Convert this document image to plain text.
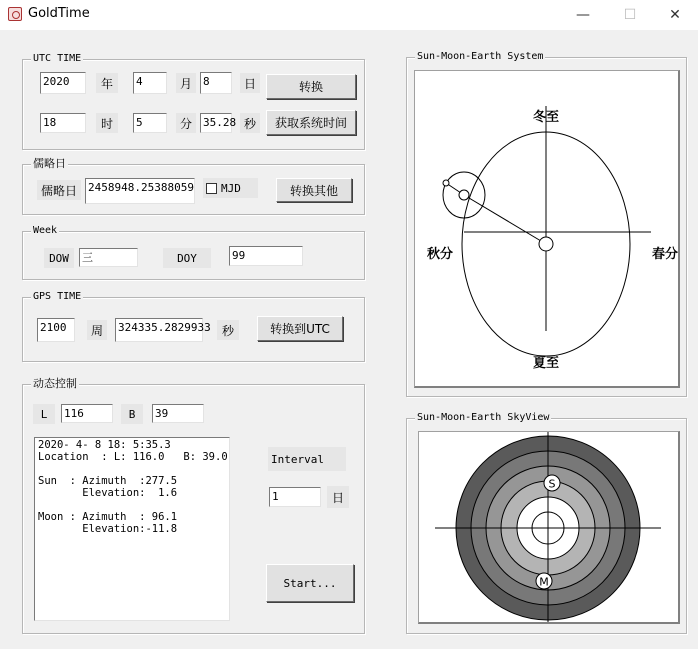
GoldTime	—	☐	✕
UTC TIME
2020	年	4	月	8	日	转换
18	时	5	分	35.28 秒	获取系统时间
儒略日
儒略日	2458948.25388059 MJD	转换其他
Week
DOW	三	DOY	99
GPS TIME
2100	周	324335.2829933 秒	转换到UTC
动态控制
L	116	B	39
2020- 4- 8 18: 5:35.3
Location  : L: 116.0   B: 39.0
Sun  : Azimuth  :277.5
Elevation:  1.6
Moon : Azimuth  : 96.1
Elevation:-11.8
Interval
1	日
Start...
Sun-Moon-Earth System
冬至
夏至
秋分	春分
Sun-Moon-Earth SkyView
S
M
